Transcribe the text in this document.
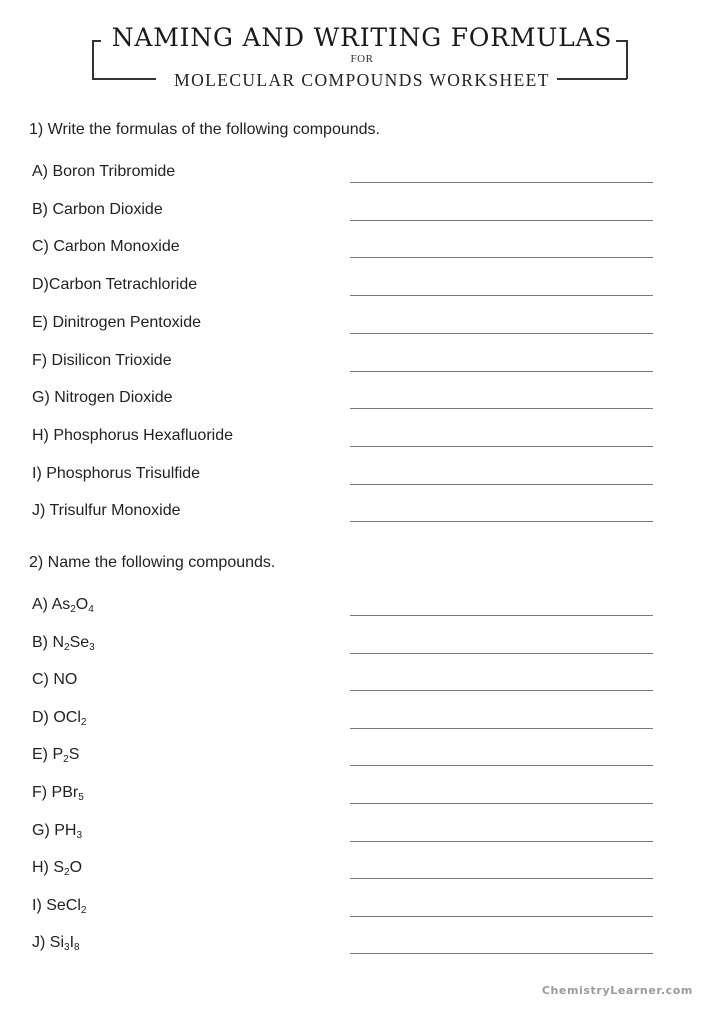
NAMING AND WRITING FORMULAS
FOR
MOLECULAR COMPOUNDS WORKSHEET
1) Write the formulas of the following compounds.
A) Boron Tribromide
B) Carbon Dioxide
C) Carbon Monoxide
D)Carbon Tetrachloride
E) Dinitrogen Pentoxide
F) Disilicon Trioxide
G) Nitrogen Dioxide
H) Phosphorus Hexafluoride
I) Phosphorus Trisulfide
J) Trisulfur Monoxide
2) Name the following compounds.
A) $As_2O_4$
B) $N_2Se_3$
C) NO
D) OCl$_2$
E) $P_2S$
F) PBr$_5$
G) $PH_3$
H) $S_2O$
I) SeCl$_2$
J) $Si_3I_8$
ChemistryLearner.com
